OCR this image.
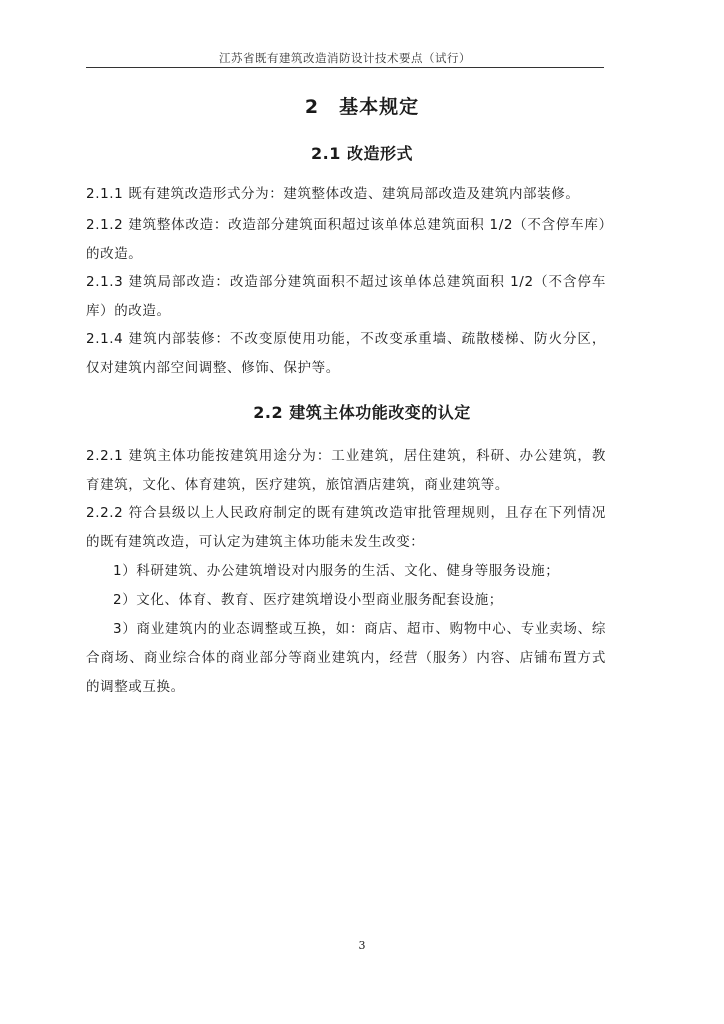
江苏省既有建筑改造消防设计技术要点（试行）
2　基本规定
2.1 改造形式
2.1.1 既有建筑改造形式分为：建筑整体改造、建筑局部改造及建筑内部装修。
2.1.2 建筑整体改造：改造部分建筑面积超过该单体总建筑面积 1/2（不含停车库）的改造。
2.1.3 建筑局部改造：改造部分建筑面积不超过该单体总建筑面积 1/2（不含停车库）的改造。
2.1.4 建筑内部装修：不改变原使用功能，不改变承重墙、疏散楼梯、防火分区，仅对建筑内部空间调整、修饰、保护等。
2.2 建筑主体功能改变的认定
2.2.1 建筑主体功能按建筑用途分为：工业建筑，居住建筑，科研、办公建筑，教育建筑，文化、体育建筑，医疗建筑，旅馆酒店建筑，商业建筑等。
2.2.2 符合县级以上人民政府制定的既有建筑改造审批管理规则，且存在下列情况的既有建筑改造，可认定为建筑主体功能未发生改变：
1）科研建筑、办公建筑增设对内服务的生活、文化、健身等服务设施；
2）文化、体育、教育、医疗建筑增设小型商业服务配套设施；
3）商业建筑内的业态调整或互换，如：商店、超市、购物中心、专业卖场、综合商场、商业综合体的商业部分等商业建筑内，经营（服务）内容、店铺布置方式的调整或互换。
3
